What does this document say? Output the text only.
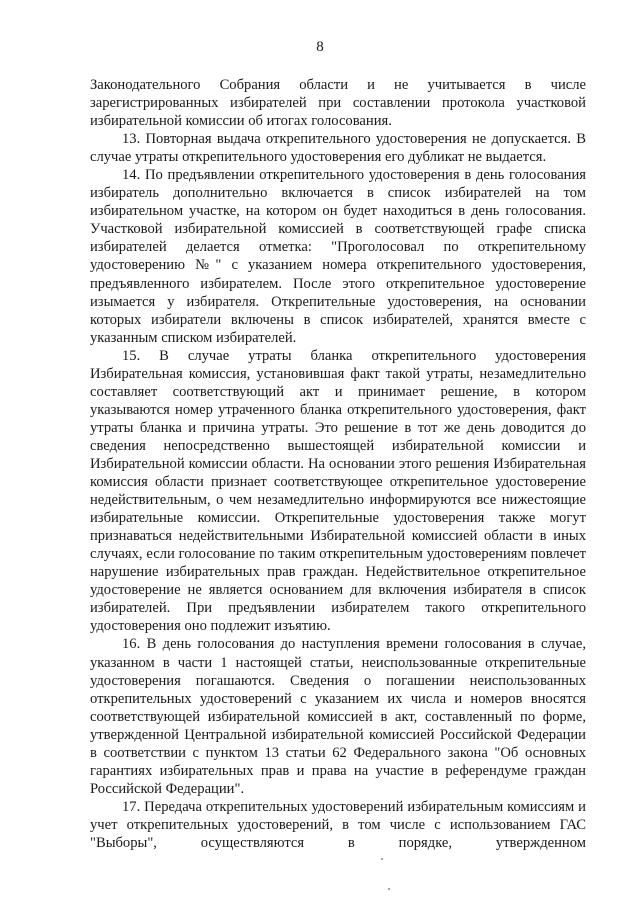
8

Законодательного Собрания области и не учитывается в числе зарегистрированных избирателей при составлении протокола участковой избирательной комиссии об итогах голосования.

13. Повторная выдача открепительного удостоверения не допускается. В случае утраты открепительного удостоверения его дубликат не выдается.

14. По предъявлении открепительного удостоверения в день голосования избиратель дополнительно включается в список избирателей на том избирательном участке, на котором он будет находиться в день голосования. Участковой избирательной комиссией в соответствующей графе списка избирателей делается отметка: "Проголосовал по открепительному удостоверению №" с указанием номера открепительного удостоверения, предъявленного избирателем. После этого открепительное удостоверение изымается у избирателя. Открепительные удостоверения, на основании которых избиратели включены в список избирателей, хранятся вместе с указанным списком избирателей.

15. В случае утраты бланка открепительного удостоверения Избирательная комиссия, установившая факт такой утраты, незамедлительно составляет соответствующий акт и принимает решение, в котором указываются номер утраченного бланка открепительного удостоверения, факт утраты бланка и причина утраты. Это решение в тот же день доводится до сведения непосредственно вышестоящей избирательной комиссии и Избирательной комиссии области. На основании этого решения Избирательная комиссия области признает соответствующее открепительное удостоверение недействительным, о чем незамедлительно информируются все нижестоящие избирательные комиссии. Открепительные удостоверения также могут признаваться недействительными Избирательной комиссией области в иных случаях, если голосование по таким открепительным удостоверениям повлечет нарушение избирательных прав граждан. Недействительное открепительное удостоверение не является основанием для включения избирателя в список избирателей. При предъявлении избирателем такого открепительного удостоверения оно подлежит изъятию.

16. В день голосования до наступления времени голосования в случае, указанном в части 1 настоящей статьи, неиспользованные открепительные удостоверения погашаются. Сведения о погашении неиспользованных открепительных удостоверений с указанием их числа и номеров вносятся соответствующей избирательной комиссией в акт, составленный по форме, утвержденной Центральной избирательной комиссией Российской Федерации в соответствии с пунктом 13 статьи 62 Федерального закона "Об основных гарантиях избирательных прав и права на участие в референдуме граждан Российской Федерации".

17. Передача открепительных удостоверений избирательным комиссиям и учет открепительных удостоверений, в том числе с использованием ГАС "Выборы", осуществляются в порядке, утвержденном
